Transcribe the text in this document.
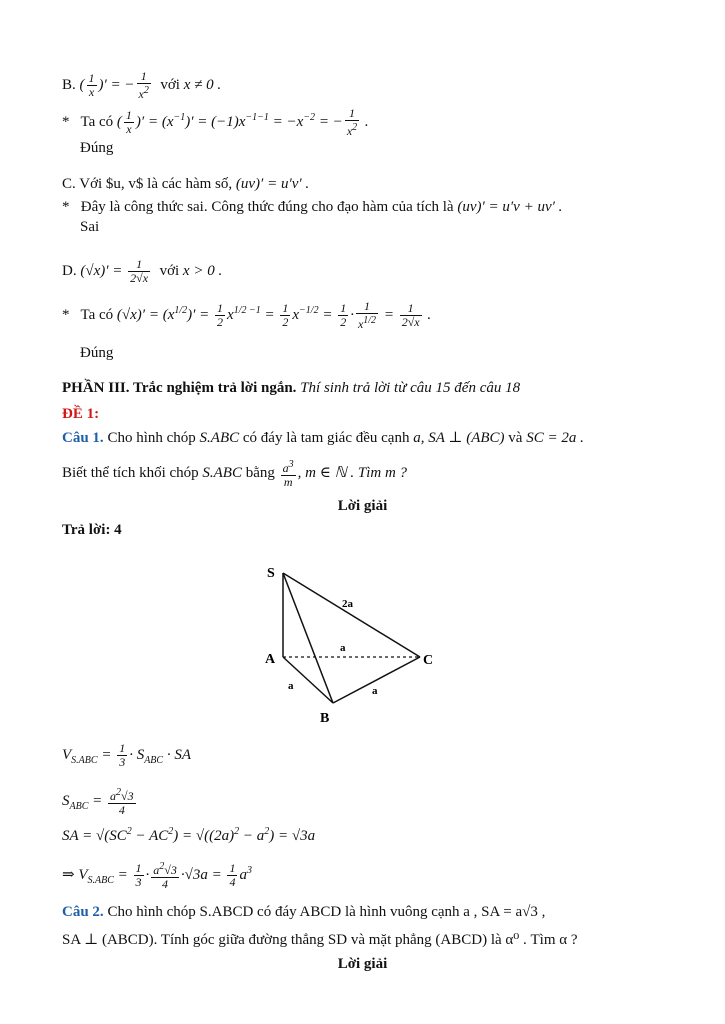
B. ( $\frac{1}{x}$ )′ = − $\frac{1}{x^2}$ với x ≠ 0 .
* Ta có ( $\frac{1}{x}$ )′ = $(x^{-1})' = (-1)x^{-1-1} = -x^{-2}$ = − $\frac{1}{x^2}$ .
Đúng
C. Với $u, v$ là các hàm số, (uv)′ = u′v′ .
* Đây là công thức sai. Công thức đúng cho đạo hàm của tích là (uv)′ = u′v + uv′ .
Sai
D. $(√x)' = \frac{1}{2√x}$ với x > 0 .
* Ta có $(√x)' = (x^{1/2})' = \frac{1}{2} x^{1/2 -1} = \frac{1}{2} x^{-1/2} = \frac{1}{2} \cdot \frac{1}{x^{1/2}} = \frac{1}{2√x}$ .
Đúng
PHẦN III. Trắc nghiệm trả lời ngắn. Thí sinh trả lời từ câu 15 đến câu 18
ĐỀ 1:
Câu 1. Cho hình chóp S.ABC có đáy là tam giác đều cạnh a, SA ⊥ (ABC) và SC = 2a .
Biết thể tích khối chóp S.ABC bằng $\frac{a^3}{m}$ , m ∈ ℕ . Tìm m ?
Lời giải
Trả lời: 4
S
A
B
C
2a
a
a	a
$V_{S.ABC} = \frac{1}{3} \cdot S_{ABC}$ · SA
$S_{ABC} = \frac{a^2√3}{4}$
SA = $√(SC^2 - AC^2) = √((2a)^2 - a^2) = √3a$
⇒ $V_{S.ABC} = \frac{1}{3} \cdot \frac{a^2√3}{4} \cdot√3a = \frac{1}{4} a^3$
Câu 2. Cho hình chóp S.ABCD có đáy ABCD là hình vuông cạnh a , SA = a√3 ,
SA ⊥ (ABCD). Tính góc giữa đường thẳng SD và mặt phẳng (ABCD) là α⁰ . Tìm α ?
Lời giải
